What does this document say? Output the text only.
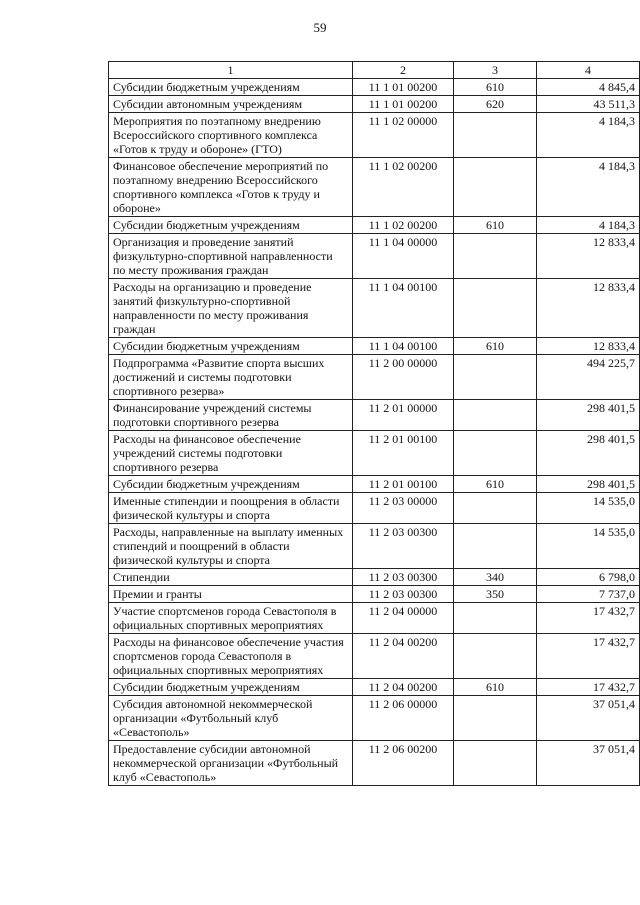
59
1	2	3	4
Субсидии бюджетным учреждениям	11 1 01 00200	610	4 845,4
Субсидии автономным учреждениям	11 1 01 00200	620	43 511,3
Мероприятия по поэтапному внедрению Всероссийского спортивного комплекса «Готов к труду и обороне» (ГТО)	11 1 02 00000		4 184,3
Финансовое обеспечение мероприятий по поэтапному внедрению Всероссийского спортивного комплекса «Готов к труду и обороне»	11 1 02 00200		4 184,3
Субсидии бюджетным учреждениям	11 1 02 00200	610	4 184,3
Организация и проведение занятий физкультурно-спортивной направленности по месту проживания граждан	11 1 04 00000		12 833,4
Расходы на организацию и проведение занятий физкультурно-спортивной направленности по месту проживания граждан	11 1 04 00100		12 833,4
Субсидии бюджетным учреждениям	11 1 04 00100	610	12 833,4
Подпрограмма «Развитие спорта высших достижений и системы подготовки спортивного резерва»	11 2 00 00000		494 225,7
Финансирование учреждений системы подготовки спортивного резерва	11 2 01 00000		298 401,5
Расходы на финансовое обеспечение учреждений системы подготовки спортивного резерва	11 2 01 00100		298 401,5
Субсидии бюджетным учреждениям	11 2 01 00100	610	298 401,5
Именные стипендии и поощрения в области физической культуры и спорта	11 2 03 00000		14 535,0
Расходы, направленные на выплату именных стипендий и поощрений в области физической культуры и спорта	11 2 03 00300		14 535,0
Стипендии	11 2 03 00300	340	6 798,0
Премии и гранты	11 2 03 00300	350	7 737,0
Участие спортсменов города Севастополя в официальных спортивных мероприятиях	11 2 04 00000		17 432,7
Расходы на финансовое обеспечение участия спортсменов города Севастополя в официальных спортивных мероприятиях	11 2 04 00200		17 432,7
Субсидии бюджетным учреждениям	11 2 04 00200	610	17 432,7
Субсидия автономной некоммерческой организации «Футбольный клуб «Севастополь»	11 2 06 00000		37 051,4
Предоставление субсидии автономной некоммерческой организации «Футбольный клуб «Севастополь»	11 2 06 00200		37 051,4
